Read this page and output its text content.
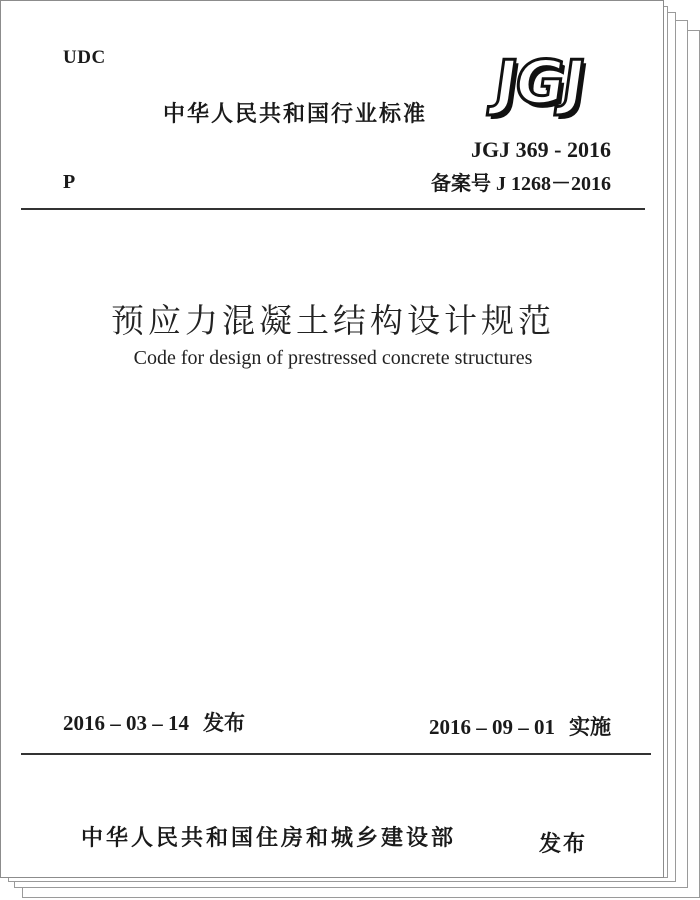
UDC
中华人民共和国行业标准 JGJ
JGJ 369 - 2016
P	备案号 J 1268－2016
预应力混凝土结构设计规范
Code for design of prestressed concrete structures
2016 – 03 – 14 发布	2016 – 09 – 01 实施
中华人民共和国住房和城乡建设部	发布
